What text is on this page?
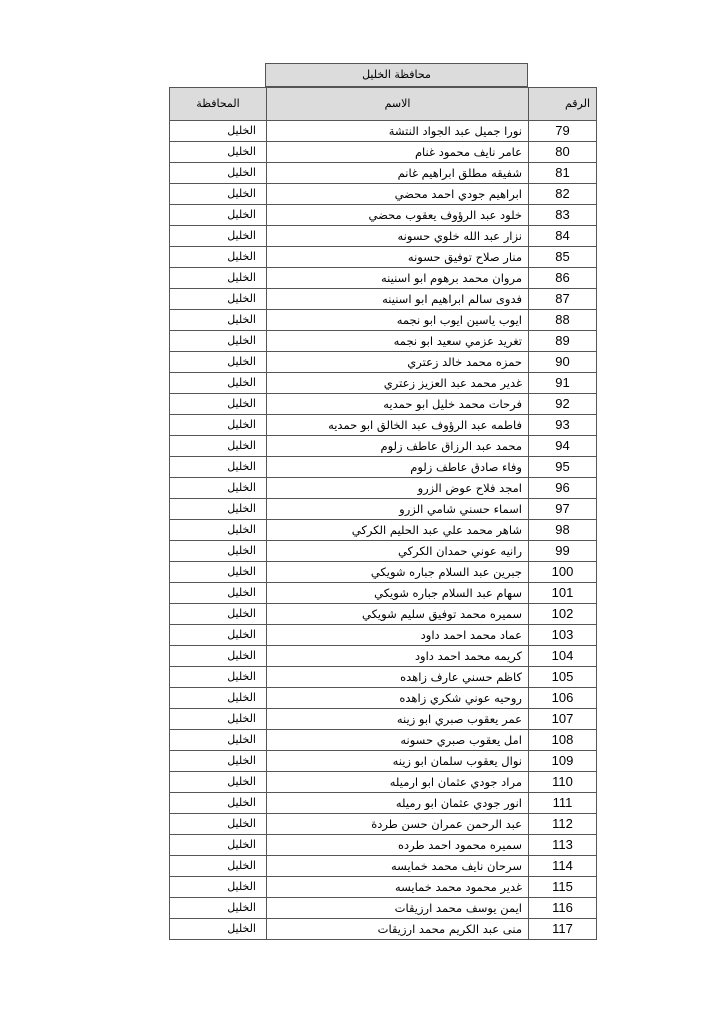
محافظة الخليل
المحافظة	الاسم	الرقم
الخليل	نورا جميل عبد الجواد النتشة	79
الخليل	عامر نايف محمود غنام	80
الخليل	شفيقه مطلق ابراهيم غانم	81
الخليل	ابراهيم جودي احمد محضي	82
الخليل	خلود عبد الرؤوف يعقوب محضي	83
الخليل	نزار عبد الله خلوي حسونه	84
الخليل	منار صلاح توفيق حسونه	85
الخليل	مروان محمد برهوم ابو اسنينه	86
الخليل	فدوى سالم ابراهيم ابو اسنينه	87
الخليل	ايوب ياسين ايوب ابو نجمه	88
الخليل	تغريد عزمي سعيد ابو نجمه	89
الخليل	حمزه محمد خالد زعتري	90
الخليل	غدير محمد عبد العزيز زعتري	91
الخليل	فرحات محمد خليل ابو حمديه	92
الخليل	فاطمه عبد الرؤوف عبد الخالق ابو حمديه	93
الخليل	محمد عبد الرزاق عاطف زلوم	94
الخليل	وفاء صادق عاطف زلوم	95
الخليل	امجد فلاح عوض الزرو	96
الخليل	اسماء حسني شامي الزرو	97
الخليل	شاهر محمد علي عبد الحليم الكركي	98
الخليل	رانيه عوني حمدان الكركي	99
الخليل	جبرين عبد السلام جباره شويكي	100
الخليل	سهام عبد السلام جباره شويكي	101
الخليل	سميره محمد توفيق سليم شويكي	102
الخليل	عماد محمد احمد داود	103
الخليل	كريمه محمد احمد داود	104
الخليل	كاظم حسني عارف زاهده	105
الخليل	روحيه عوني شكري زاهده	106
الخليل	عمر يعقوب صبري ابو زينه	107
الخليل	امل يعقوب صبري حسونه	108
الخليل	نوال يعقوب سلمان ابو زينه	109
الخليل	مراد جودي عثمان ابو ارميله	110
الخليل	انور جودي عثمان ابو رميله	111
الخليل	عبد الرحمن عمران حسن طردة	112
الخليل	سميره محمود احمد طرده	113
الخليل	سرحان نايف محمد خمايسه	114
الخليل	غدير محمود محمد خمايسه	115
الخليل	ايمن يوسف محمد ارزيقات	116
الخليل	منى عبد الكريم محمد ارزيقات	117
